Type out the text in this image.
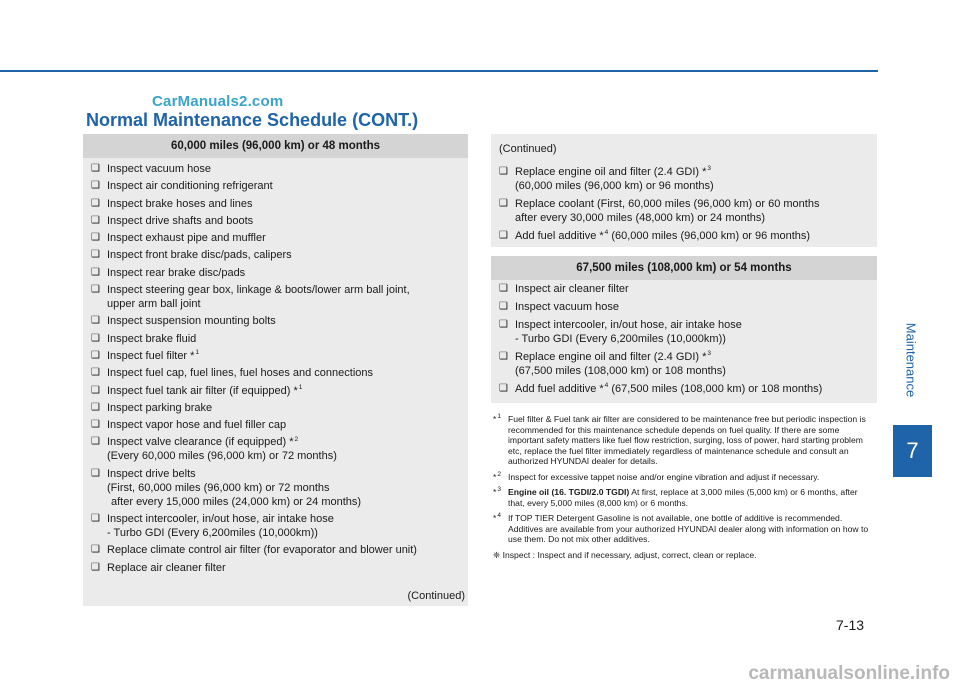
CarManuals2.com
Normal Maintenance Schedule (CONT.)
60,000 miles (96,000 km) or 48 months
❑ Inspect vacuum hose
❑ Inspect air conditioning refrigerant
❑ Inspect brake hoses and lines
❑ Inspect drive shafts and boots
❑ Inspect exhaust pipe and muffler
❑ Inspect front brake disc/pads, calipers
❑ Inspect rear brake disc/pads
❑ Inspect steering gear box, linkage & boots/lower arm ball joint,
upper arm ball joint
❑ Inspect suspension mounting bolts
❑ Inspect brake fluid
❑ Inspect fuel filter *$^1$
❑ Inspect fuel cap, fuel lines, fuel hoses and connections
❑ Inspect fuel tank air filter (if equipped) *$^1$
❑ Inspect parking brake
❑ Inspect vapor hose and fuel filler cap
❑ Inspect valve clearance (if equipped) *$^2$
(Every 60,000 miles (96,000 km) or 72 months)
❑ Inspect drive belts
(First, 60,000 miles (96,000 km) or 72 months
after every 15,000 miles (24,000 km) or 24 months)
❑ Inspect intercooler, in/out hose, air intake hose
- Turbo GDI (Every 6,200miles (10,000km))
❑ Replace climate control air filter (for evaporator and blower unit)
❑ Replace air cleaner filter
(Continued)
(Continued)
❑ Replace engine oil and filter (2.4 GDI) *$^3$
(60,000 miles (96,000 km) or 96 months)
❑ Replace coolant (First, 60,000 miles (96,000 km) or 60 months
after every 30,000 miles (48,000 km) or 24 months)
❑ Add fuel additive *$^4$ (60,000 miles (96,000 km) or 96 months)
67,500 miles (108,000 km) or 54 months
❑ Inspect air cleaner filter
❑ Inspect vacuum hose
❑ Inspect intercooler, in/out hose, air intake hose
- Turbo GDI (Every 6,200miles (10,000km))
❑ Replace engine oil and filter (2.4 GDI) *$^3$
(67,500 miles (108,000 km) or 108 months)
❑ Add fuel additive *$^4$ (67,500 miles (108,000 km) or 108 months)
*$^1$ Fuel filter & Fuel tank air filter are considered to be maintenance free but periodic inspection is recommended for this maintenance schedule depends on fuel quality. If there are some important safety matters like fuel flow restriction, surging, loss of power, hard starting problem etc, replace the fuel filter immediately regardless of maintenance schedule and consult an authorized HYUNDAI dealer for details.
*$^2$ Inspect for excessive tappet noise and/or engine vibration and adjust if necessary.
*$^3$ Engine oil (16. TGDI/2.0 TGDI) At first, replace at 3,000 miles (5,000 km) or 6 months, after that, every 5,000 miles (8,000 km) or 6 months.
*$^4$ If TOP TIER Detergent Gasoline is not available, one bottle of additive is recommended. Additives are available from your authorized HYUNDAI dealer along with information on how to use them. Do not mix other additives.
❈ Inspect : Inspect and if necessary, adjust, correct, clean or replace.
Maintenance
7
7-13
carmanualsonline.info
